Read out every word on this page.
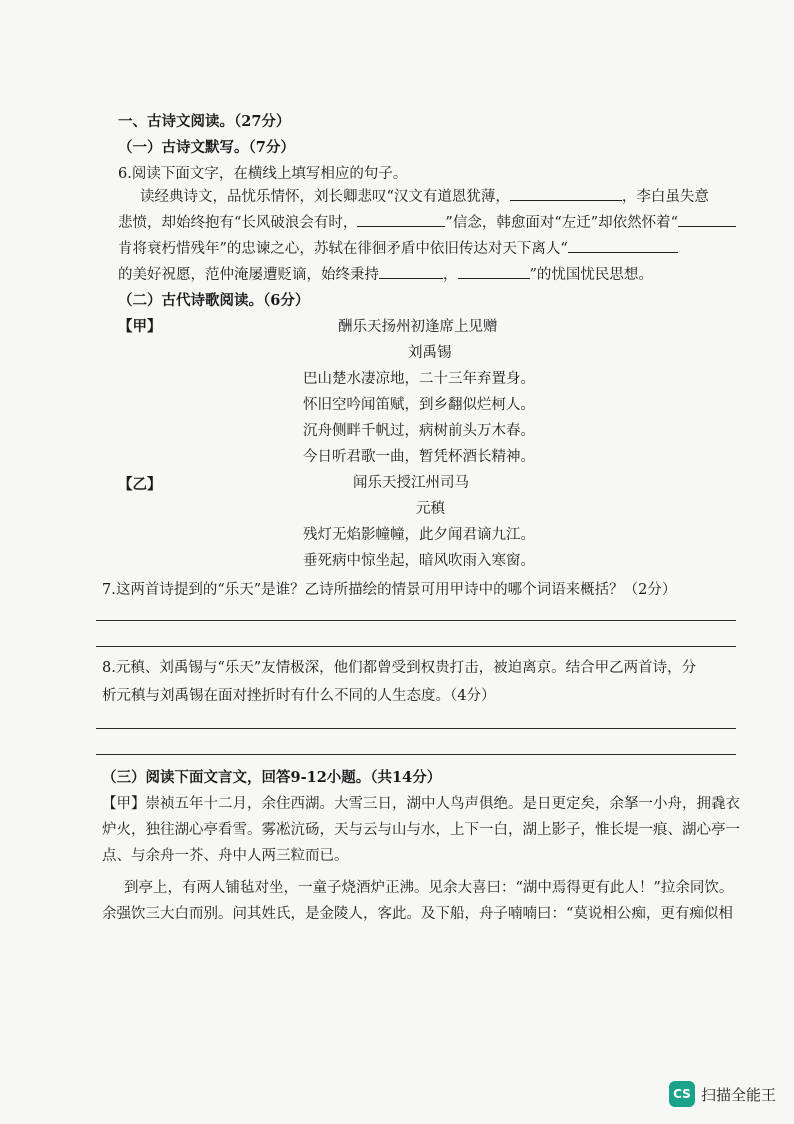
一、古诗文阅读。（27分）
（一）古诗文默写。（7分）
6.阅读下面文字，在横线上填写相应的句子。
读经典诗文，品忧乐情怀，刘长卿悲叹“汉文有道恩犹薄，	，李白虽失意
悲愤，却始终抱有“长风破浪会有时，	”信念，韩愈面对“左迁”却依然怀着“
肯将衰朽惜残年”的忠谏之心，苏轼在徘徊矛盾中依旧传达对天下离人“
的美好祝愿，范仲淹屡遭贬谪，始终秉持	，	”的忧国忧民思想。
（二）古代诗歌阅读。（6分）
【甲】	酬乐天扬州初逢席上见赠
刘禹锡
巴山楚水凄凉地，二十三年弃置身。
怀旧空吟闻笛赋，到乡翻似烂柯人。
沉舟侧畔千帆过，病树前头万木春。
今日听君歌一曲，暂凭杯酒长精神。
【乙】	闻乐天授江州司马
元稹
残灯无焰影幢幢，此夕闻君谪九江。
垂死病中惊坐起，暗风吹雨入寒窗。
7.这两首诗提到的“乐天”是谁？乙诗所描绘的情景可用甲诗中的哪个词语来概括？（2分）
8.元稹、刘禹锡与“乐天”友情极深，他们都曾受到权贵打击，被迫离京。结合甲乙两首诗，分
析元稹与刘禹锡在面对挫折时有什么不同的人生态度。（4分）
（三）阅读下面文言文，回答9-12小题。（共14分）
【甲】崇祯五年十二月，余住西湖。大雪三日，湖中人鸟声俱绝。是日更定矣，余拏一小舟，拥毳衣
炉火，独往湖心亭看雪。雾凇沆砀，天与云与山与水，上下一白，湖上影子，惟长堤一痕、湖心亭一
点、与余舟一芥、舟中人两三粒而已。
到亭上，有两人铺毡对坐，一童子烧酒炉正沸。见余大喜曰：“湖中焉得更有此人！”拉余同饮。
余强饮三大白而别。问其姓氏，是金陵人，客此。及下船，舟子喃喃曰：“莫说相公痴，更有痴似相
CS 扫描全能王
